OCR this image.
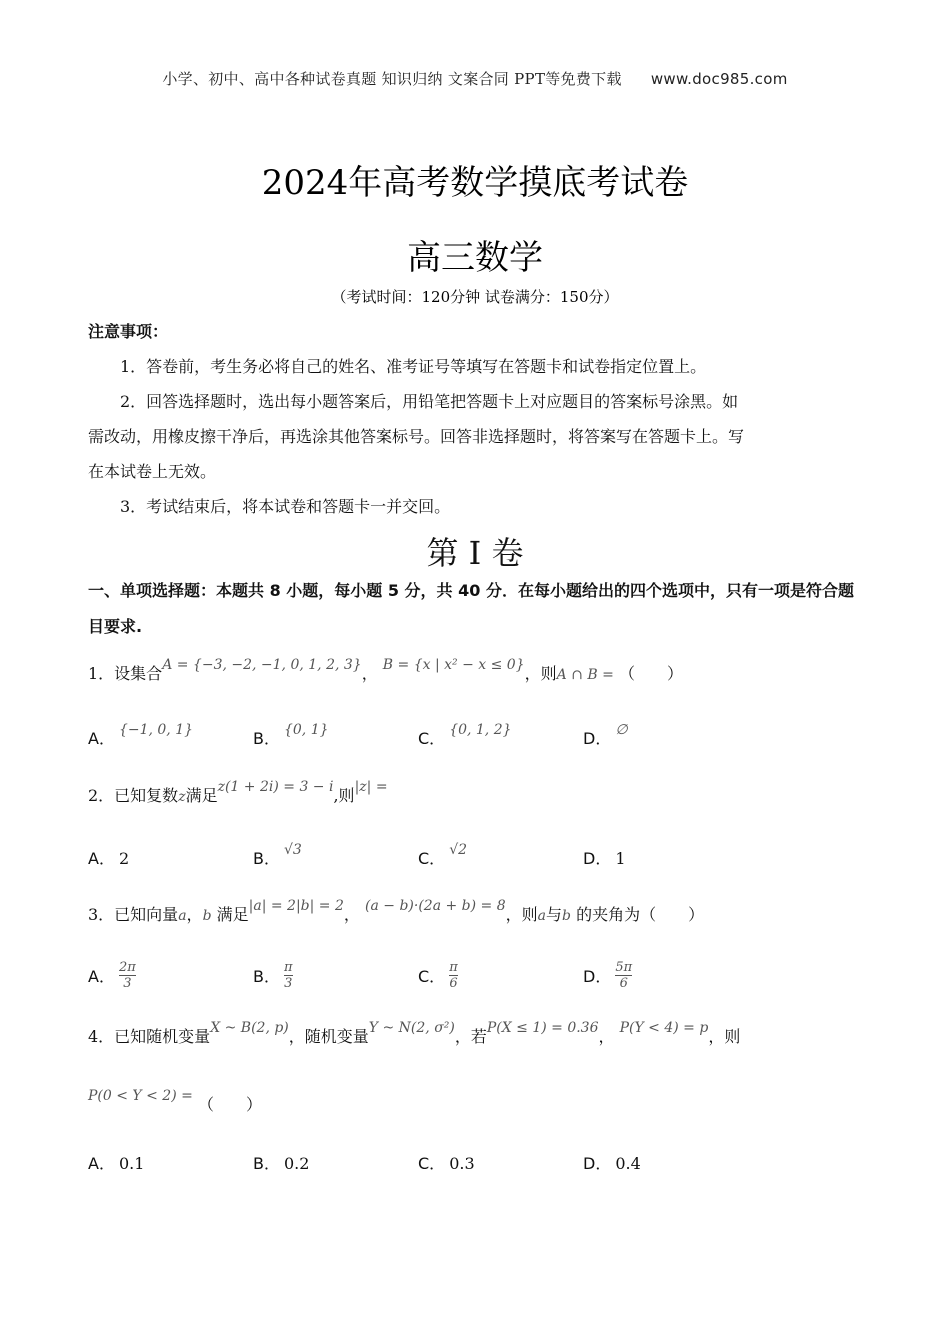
小学、初中、高中各种试卷真题 知识归纳 文案合同 PPT等免费下载 www.doc985.com
2024年高考数学摸底考试卷
高三数学
（考试时间：120分钟 试卷满分：150分）
注意事项：
1．答卷前，考生务必将自己的姓名、准考证号等填写在答题卡和试卷指定位置上。
2．回答选择题时，选出每小题答案后，用铅笔把答题卡上对应题目的答案标号涂黑。如
需改动，用橡皮擦干净后，再选涂其他答案标号。回答非选择题时，将答案写在答题卡上。写
在本试卷上无效。
3．考试结束后，将本试卷和答题卡一并交回。
第 I 卷
一、单项选择题：本题共 8 小题，每小题 5 分，共 40 分．在每小题给出的四个选项中，只有一项是符合题
目要求.
1．设集合A = {−3, −2, −1, 0, 1, 2, 3}， B = {x | x² − x ≤ 0}，则A ∩ B = （　　）
A． {−1, 0, 1}	B． {0, 1}	C． {0, 1, 2}	D． ∅
2．已知复数z满足z(1 + 2i) = 3 − i,则|z| =
A． 2	B． √3	C． √2	D． 1
3．已知向量a，b 满足|a| = 2|b| = 2， (a − b)·(2a + b) = 8，则a与b 的夹角为（　　）
A． $\frac{2\pi}{3}$	B． $\frac{\pi}{3}$	C． $\frac{\pi}{6}$	D． $\frac{5\pi}{6}$
4．已知随机变量X ~ B(2, p)，随机变量Y ~ N(2, σ²)，若P(X ≤ 1) = 0.36， P(Y < 4) = p，则
P(0 < Y < 2) = （　　）
A． 0.1	B． 0.2	C． 0.3	D． 0.4
